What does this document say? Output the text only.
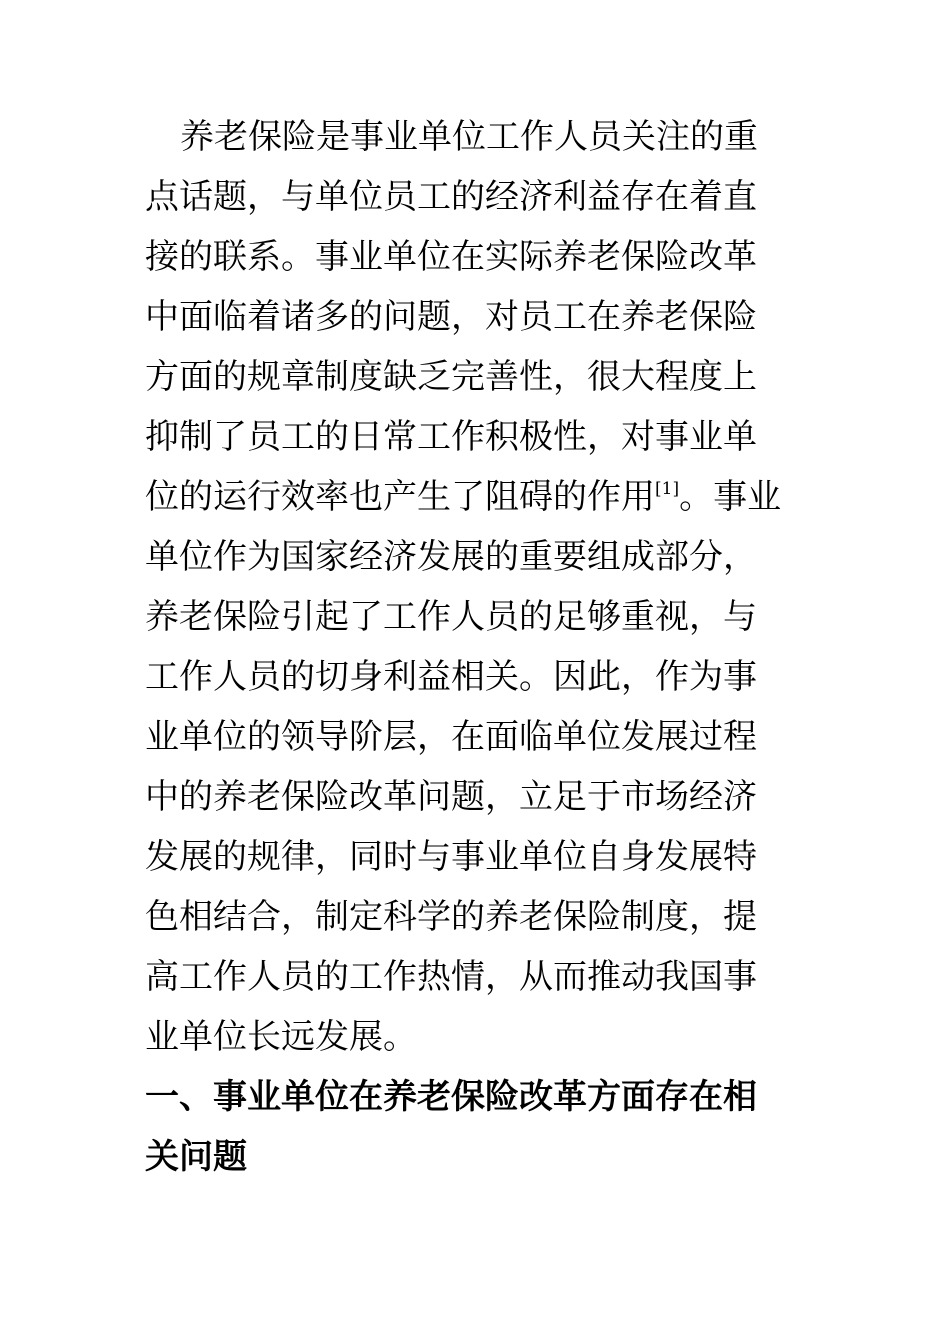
养老保险是事业单位工作人员关注的重
点话题，与单位员工的经济利益存在着直
接的联系。事业单位在实际养老保险改革
中面临着诸多的问题，对员工在养老保险
方面的规章制度缺乏完善性，很大程度上
抑制了员工的日常工作积极性，对事业单
位的运行效率也产生了阻碍的作用[1]。事业
单位作为国家经济发展的重要组成部分，
养老保险引起了工作人员的足够重视，与
工作人员的切身利益相关。因此，作为事
业单位的领导阶层，在面临单位发展过程
中的养老保险改革问题，立足于市场经济
发展的规律，同时与事业单位自身发展特
色相结合，制定科学的养老保险制度，提
高工作人员的工作热情，从而推动我国事
业单位长远发展。
一、事业单位在养老保险改革方面存在相
关问题
